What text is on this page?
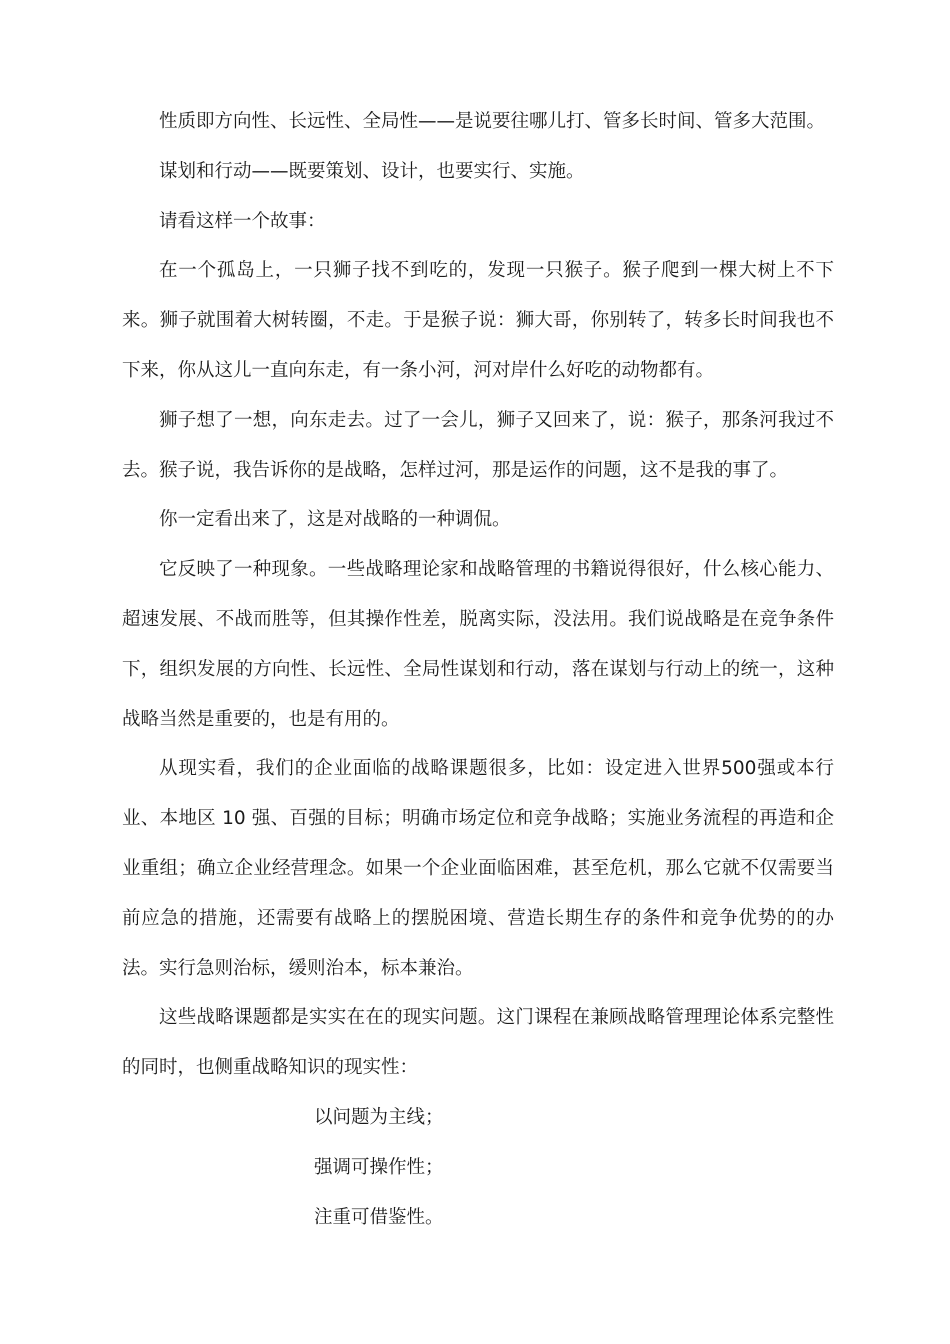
性质即方向性、长远性、全局性——是说要往哪儿打、管多长时间、管多大范围。

谋划和行动——既要策划、设计，也要实行、实施。

请看这样一个故事：

在一个孤岛上，一只狮子找不到吃的，发现一只猴子。猴子爬到一棵大树上不下来。狮子就围着大树转圈，不走。于是猴子说：狮大哥，你别转了，转多长时间我也不下来，你从这儿一直向东走，有一条小河，河对岸什么好吃的动物都有。

狮子想了一想，向东走去。过了一会儿，狮子又回来了，说：猴子，那条河我过不去。猴子说，我告诉你的是战略，怎样过河，那是运作的问题，这不是我的事了。

你一定看出来了，这是对战略的一种调侃。

它反映了一种现象。一些战略理论家和战略管理的书籍说得很好，什么核心能力、超速发展、不战而胜等，但其操作性差，脱离实际，没法用。我们说战略是在竞争条件下，组织发展的方向性、长远性、全局性谋划和行动，落在谋划与行动上的统一，这种战略当然是重要的，也是有用的。

从现实看，我们的企业面临的战略课题很多，比如：设定进入世界500强或本行业、本地区 10 强、百强的目标；明确市场定位和竞争战略；实施业务流程的再造和企业重组；确立企业经营理念。如果一个企业面临困难，甚至危机，那么它就不仅需要当前应急的措施，还需要有战略上的摆脱困境、营造长期生存的条件和竞争优势的的办法。实行急则治标，缓则治本，标本兼治。

这些战略课题都是实实在在的现实问题。这门课程在兼顾战略管理理论体系完整性的同时，也侧重战略知识的现实性：

以问题为主线；

强调可操作性；

注重可借鉴性。
